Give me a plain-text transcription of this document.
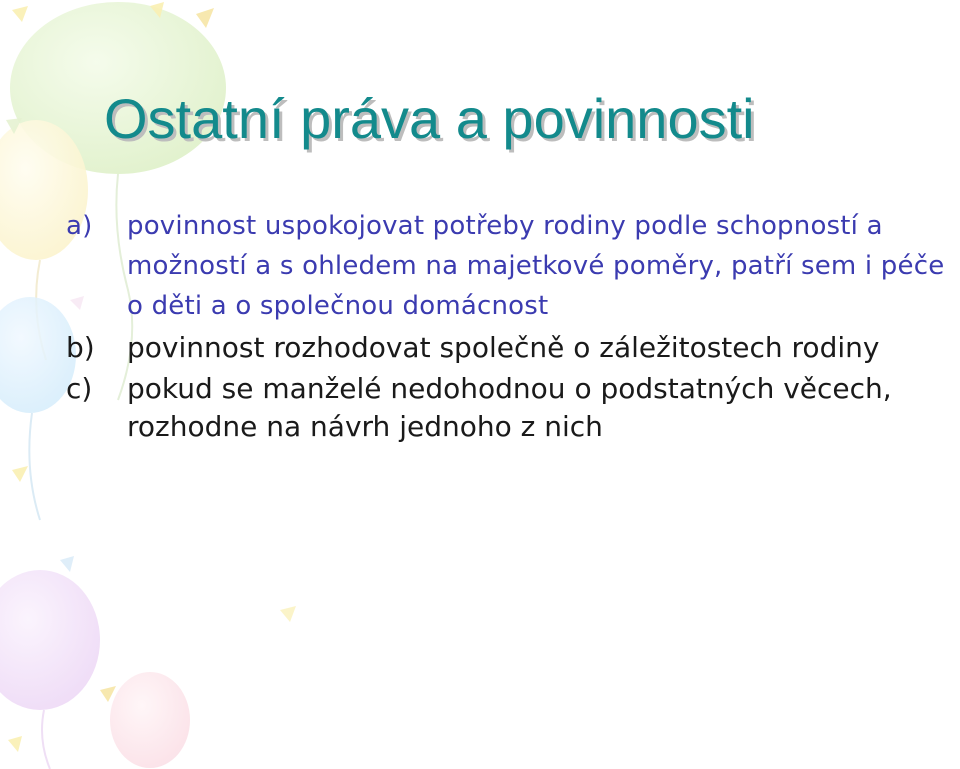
Ostatní práva a povinnosti
a)	povinnost uspokojovat potřeby rodiny podle schopností a možností a s ohledem na majetkové poměry, patří sem i péče o děti a o společnou domácnost
b)	povinnost rozhodovat společně o záležitostech rodiny
c)	pokud se manželé nedohodnou o podstatných věcech, rozhodne na návrh jednoho z nich
